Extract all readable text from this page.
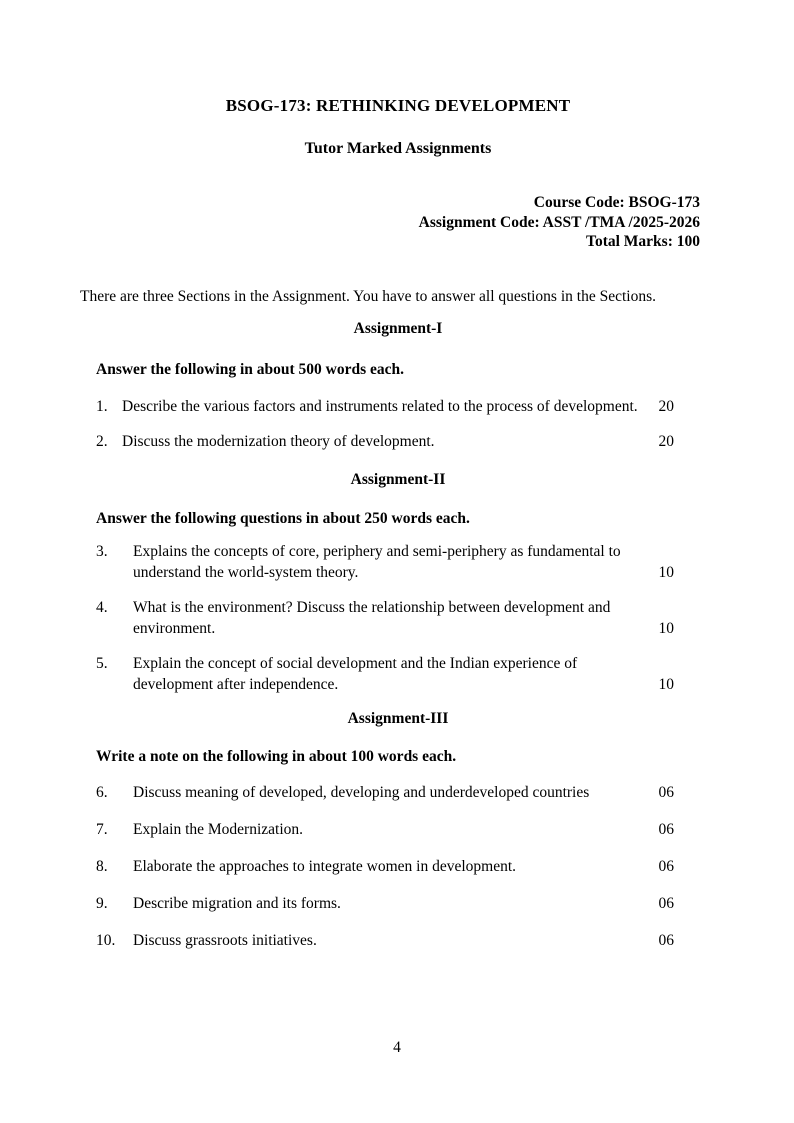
BSOG-173: RETHINKING DEVELOPMENT
Tutor Marked Assignments
Course Code: BSOG-173
Assignment Code: ASST /TMA /2025-2026
Total Marks: 100
There are three Sections in the Assignment. You have to answer all questions in the Sections.
Assignment-I
Answer the following in about 500 words each.
1. Describe the various factors and instruments related to the process of development.	20
2. Discuss the modernization theory of development.	20
Assignment-II
Answer the following questions in about 250 words each.
3.	Explains the concepts of core, periphery and semi-periphery as fundamental to understand the world-system theory.	10
4.	What is the environment? Discuss the relationship between development and environment.	10
5.	Explain the concept of social development and the Indian experience of development after independence.	10
Assignment-III
Write a note on the following in about 100 words each.
6.	Discuss meaning of developed, developing and underdeveloped countries	06
7.	Explain the Modernization.	06
8.	Elaborate the approaches to integrate women in development.	06
9.	Describe migration and its forms.	06
10.	Discuss grassroots initiatives.	06
4
